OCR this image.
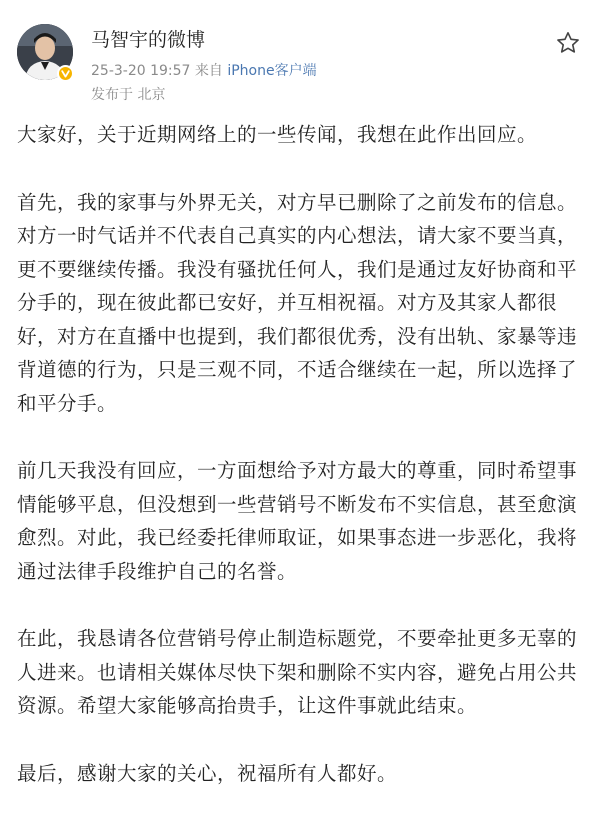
马智宇的微博
25-3-20 19:57 来自 iPhone客户端
发布于 北京

大家好，关于近期网络上的一些传闻，我想在此作出回应。

首先，我的家事与外界无关，对方早已删除了之前发布的信息。对方一时气话并不代表自己真实的内心想法，请大家不要当真，更不要继续传播。我没有骚扰任何人，我们是通过友好协商和平分手的，现在彼此都已安好，并互相祝福。对方及其家人都很好，对方在直播中也提到，我们都很优秀，没有出轨、家暴等违背道德的行为，只是三观不同，不适合继续在一起，所以选择了和平分手。

前几天我没有回应，一方面想给予对方最大的尊重，同时希望事情能够平息，但没想到一些营销号不断发布不实信息，甚至愈演愈烈。对此，我已经委托律师取证，如果事态进一步恶化，我将通过法律手段维护自己的名誉。

在此，我恳请各位营销号停止制造标题党，不要牵扯更多无辜的人进来。也请相关媒体尽快下架和删除不实内容，避免占用公共资源。希望大家能够高抬贵手，让这件事就此结束。

最后，感谢大家的关心，祝福所有人都好。
